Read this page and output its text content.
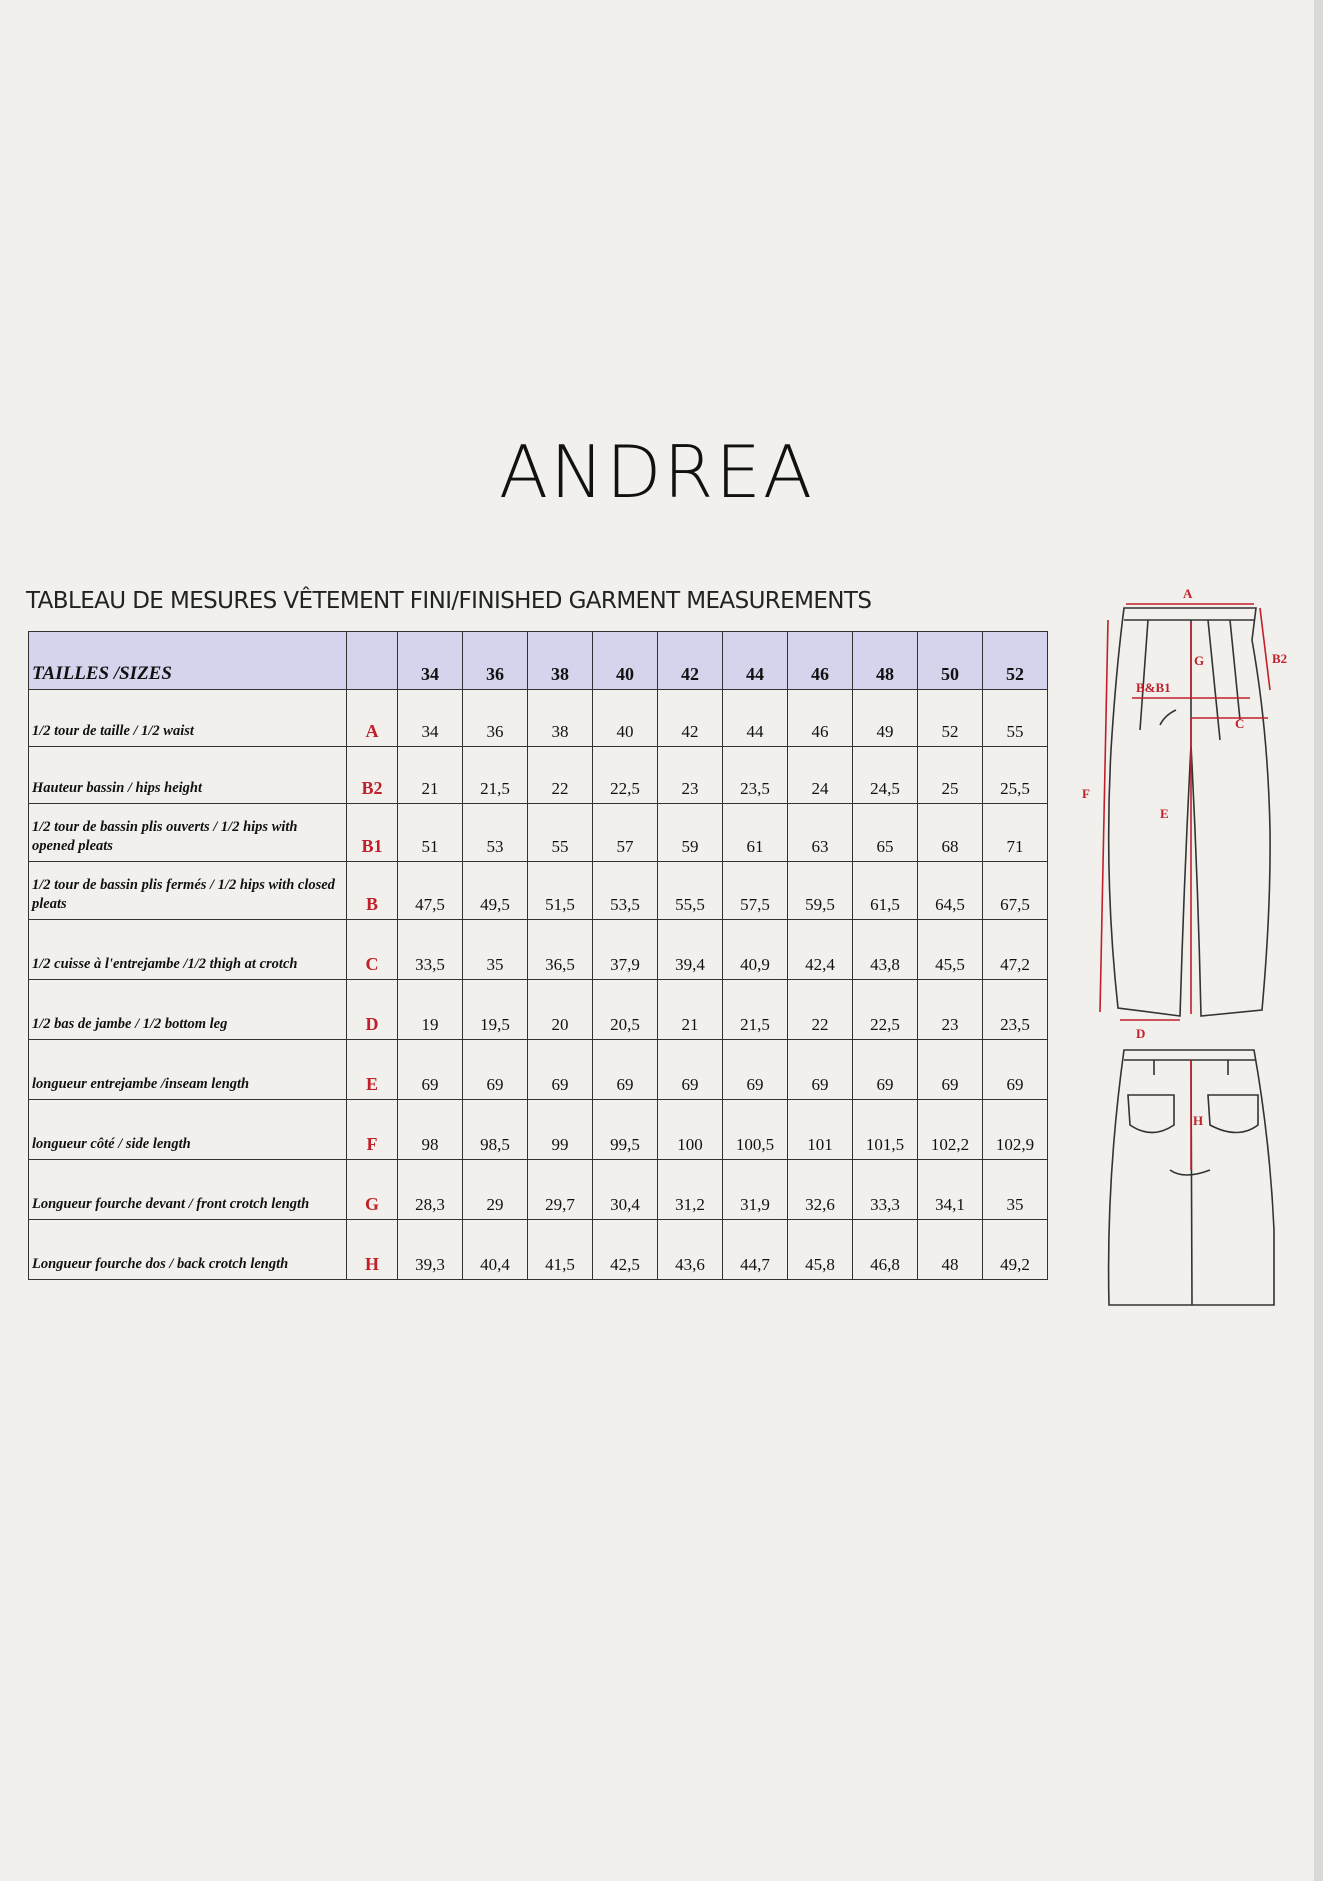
ANDREA
TABLEAU DE MESURES VÊTEMENT FINI/FINISHED GARMENT MEASUREMENTS
TAILLES /SIZES		34	36	38	40	42	44	46	48	50	52
1/2 tour de taille / 1/2 waist	A	34	36	38	40	42	44	46	49	52	55
Hauteur bassin / hips height	B2	21	21,5	22	22,5	23	23,5	24	24,5	25	25,5
1/2 tour de bassin plis ouverts / 1/2 hips with opened pleats	B1	51	53	55	57	59	61	63	65	68	71
1/2 tour de bassin plis fermés / 1/2 hips with closed pleats	B	47,5	49,5	51,5	53,5	55,5	57,5	59,5	61,5	64,5	67,5
1/2 cuisse à l'entrejambe /1/2 thigh at crotch	C	33,5	35	36,5	37,9	39,4	40,9	42,4	43,8	45,5	47,2
1/2 bas de jambe / 1/2 bottom leg	D	19	19,5	20	20,5	21	21,5	22	22,5	23	23,5
longueur entrejambe /inseam length	E	69	69	69	69	69	69	69	69	69	69
longueur côté / side length	F	98	98,5	99	99,5	100	100,5	101	101,5	102,2	102,9
Longueur fourche devant / front crotch length	G	28,3	29	29,7	30,4	31,2	31,9	32,6	33,3	34,1	35
Longueur fourche dos / back crotch length	H	39,3	40,4	41,5	42,5	43,6	44,7	45,8	46,8	48	49,2
A
B2
G
B&B1
C
F
E
D
H
